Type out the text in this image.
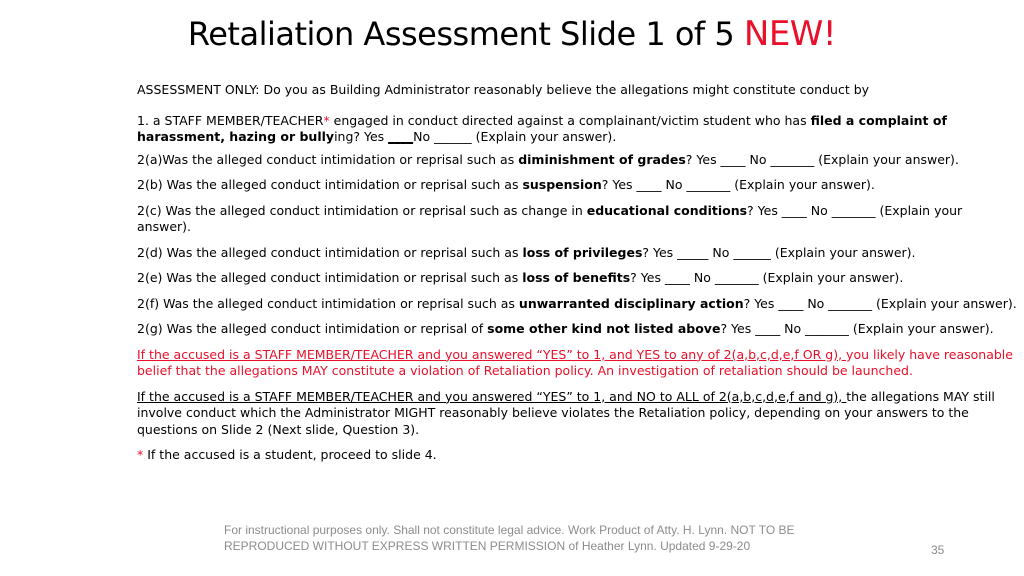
Retaliation Assessment Slide 1 of 5 NEW!

ASSESSMENT ONLY: Do you as Building Administrator reasonably believe the allegations might constitute conduct by

1. a STAFF MEMBER/TEACHER* engaged in conduct directed against a complainant/victim student who has filed a complaint of harassment, hazing or bullying? Yes ____No ______ (Explain your answer).

2(a)Was the alleged conduct intimidation or reprisal such as diminishment of grades? Yes ____ No _______ (Explain your answer).

2(b) Was the alleged conduct intimidation or reprisal such as suspension? Yes ____ No _______ (Explain your answer).

2(c) Was the alleged conduct intimidation or reprisal such as change in educational conditions? Yes ____ No _______ (Explain your answer).

2(d) Was the alleged conduct intimidation or reprisal such as loss of privileges? Yes _____ No ______ (Explain your answer).

2(e) Was the alleged conduct intimidation or reprisal such as loss of benefits? Yes ____ No _______ (Explain your answer).

2(f) Was the alleged conduct intimidation or reprisal such as unwarranted disciplinary action? Yes ____ No _______ (Explain your answer).

2(g) Was the alleged conduct intimidation or reprisal of some other kind not listed above? Yes ____ No _______ (Explain your answer).

If the accused is a STAFF MEMBER/TEACHER and you answered “YES” to 1, and YES to any of 2(a,b,c,d,e,f OR g), you likely have reasonable belief that the allegations MAY constitute a violation of Retaliation policy. An investigation of retaliation should be launched.

If the accused is a STAFF MEMBER/TEACHER and you answered “YES” to 1, and NO to ALL of 2(a,b,c,d,e,f and g), the allegations MAY still involve conduct which the Administrator MIGHT reasonably believe violates the Retaliation policy, depending on your answers to the questions on Slide 2 (Next slide, Question 3).

* If the accused is a student, proceed to slide 4.

For instructional purposes only. Shall not constitute legal advice. Work Product of Atty. H. Lynn. NOT TO BE REPRODUCED WITHOUT EXPRESS WRITTEN PERMISSION of Heather Lynn. Updated 9-29-20	35
